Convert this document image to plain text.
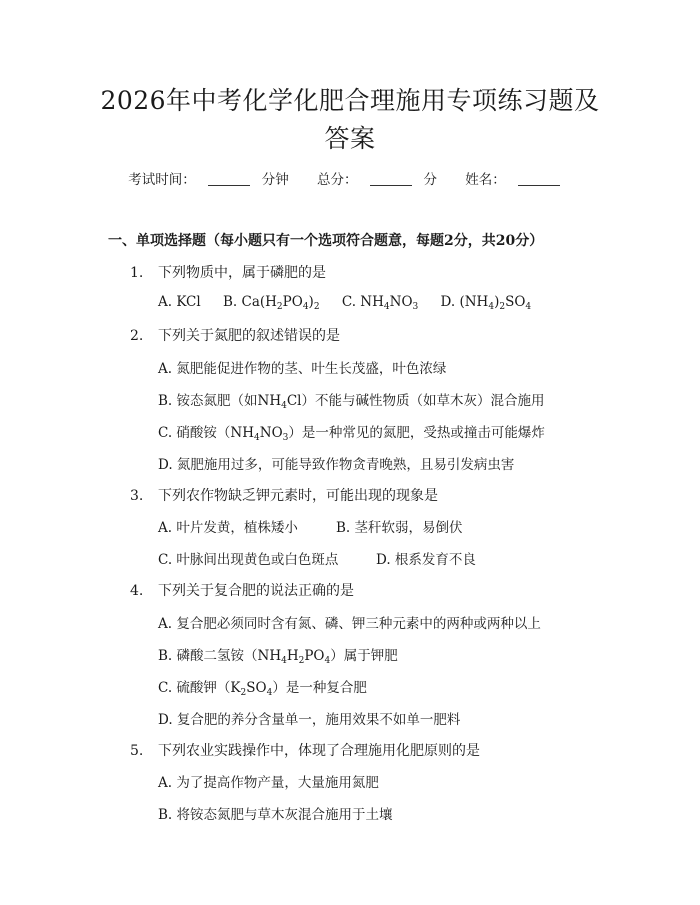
2026年中考化学化肥合理施用专项练习题及
答案
考试时间：	分钟 总分：	分 姓名：
一、单项选择题（每小题只有一个选项符合题意，每题2分，共20分）
1. 下列物质中，属于磷肥的是
A. KCl B. $Ca(H_2PO_4)_2$ C. $NH_4NO_3$ D. $(NH_4)_2SO_4$
2. 下列关于氮肥的叙述错误的是
A. 氮肥能促进作物的茎、叶生长茂盛，叶色浓绿
B. 铵态氮肥（如$NH_4Cl$）不能与碱性物质（如草木灰）混合施用
C. 硝酸铵$(NH_4NO_3)$是一种常见的氮肥，受热或撞击可能爆炸
D. 氮肥施用过多，可能导致作物贪青晚熟，且易引发病虫害
3. 下列农作物缺乏钾元素时，可能出现的现象是
A. 叶片发黄，植株矮小	B. 茎秆软弱，易倒伏
C. 叶脉间出现黄色或白色斑点	D. 根系发育不良
4. 下列关于复合肥的说法正确的是
A. 复合肥必须同时含有氮、磷、钾三种元素中的两种或两种以上
B. 磷酸二氢铵$(NH_4H_2PO_4)$属于钾肥
C. 硫酸钾$(K_2SO_4)$是一种复合肥
D. 复合肥的养分含量单一，施用效果不如单一肥料
5. 下列农业实践操作中，体现了合理施用化肥原则的是
A. 为了提高作物产量，大量施用氮肥
B. 将铵态氮肥与草木灰混合施用于土壤
